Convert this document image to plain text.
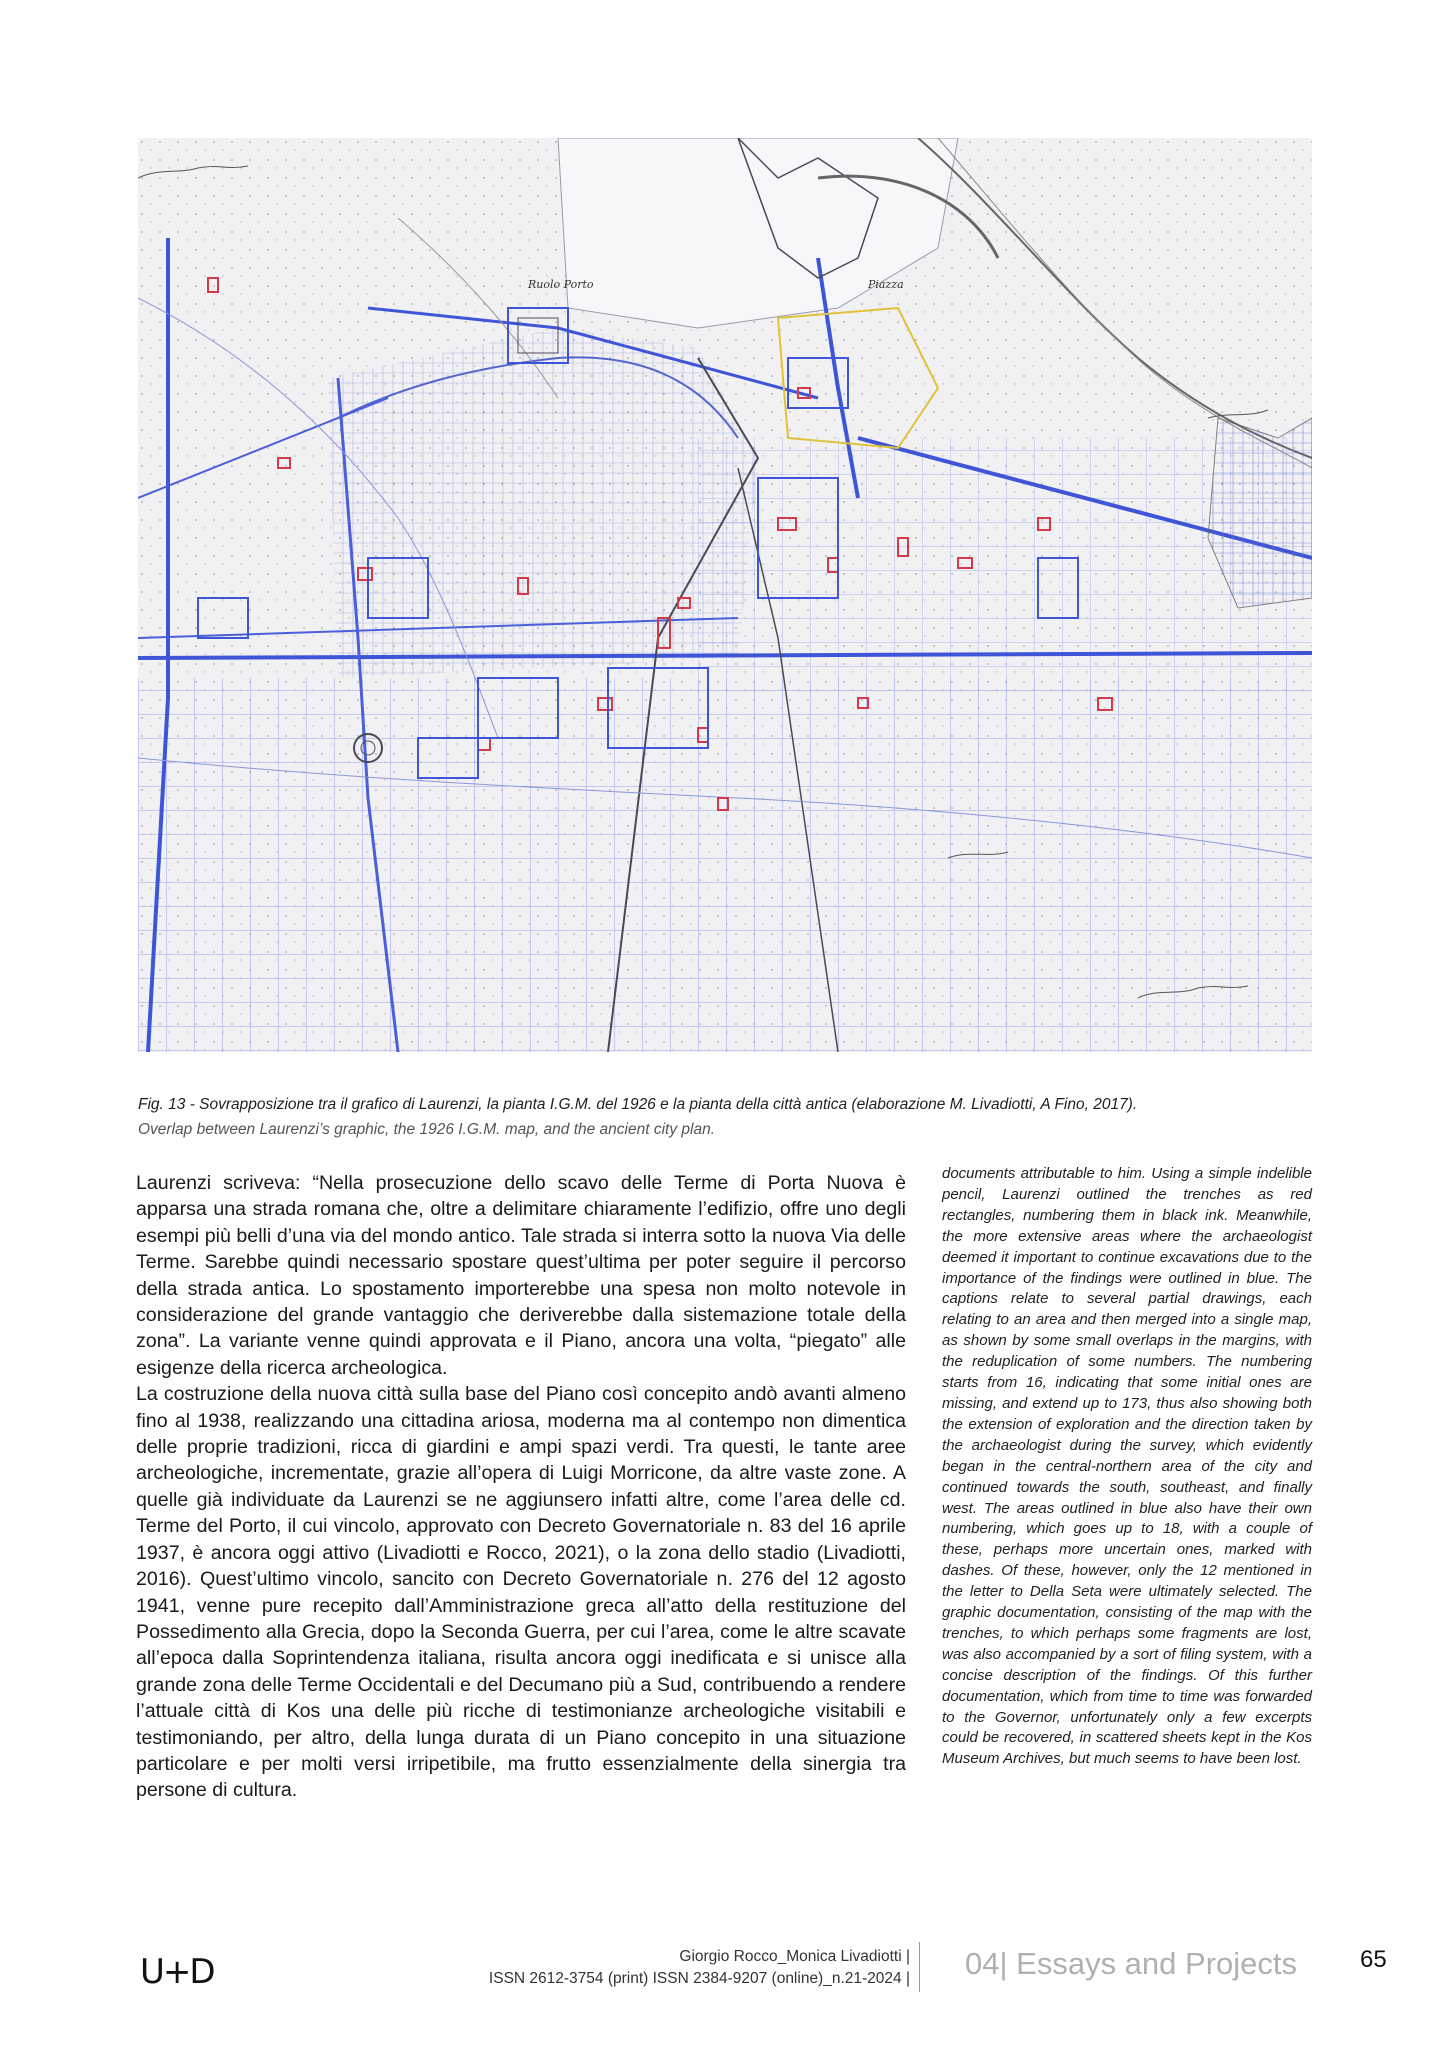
Ruolo Porto	Piazza
Fig. 13 - Sovrapposizione tra il grafico di Laurenzi, la pianta I.G.M. del 1926 e la pianta della città antica (elaborazione M. Livadiotti, A Fino, 2017).
Overlap between Laurenzi’s graphic, the 1926 I.G.M. map, and the ancient city plan.

Laurenzi scriveva: “Nella prosecuzione dello scavo delle Terme di Porta Nuova è apparsa una strada romana che, oltre a delimitare chiaramente l’edifizio, offre uno degli esempi più belli d’una via del mondo antico. Tale strada si interra sotto la nuova Via delle Terme. Sarebbe quindi necessario spostare quest’ultima per poter seguire il percorso della strada antica. Lo spostamento importerebbe una spesa non molto notevole in considerazione del grande vantaggio che deriverebbe dalla sistemazione totale della zona”. La variante venne quindi approvata e il Piano, ancora una volta, “piegato” alle esigenze della ricerca archeologica.

La costruzione della nuova città sulla base del Piano così concepito andò avanti almeno fino al 1938, realizzando una cittadina ariosa, moderna ma al contempo non dimentica delle proprie tradizioni, ricca di giardini e ampi spazi verdi. Tra questi, le tante aree archeologiche, incrementate, grazie all’opera di Luigi Morricone, da altre vaste zone. A quelle già individuate da Laurenzi se ne aggiunsero infatti altre, come l’area delle cd. Terme del Porto, il cui vincolo, approvato con Decreto Governatoriale n. 83 del 16 aprile 1937, è ancora oggi attivo (Livadiotti e Rocco, 2021), o la zona dello stadio (Livadiotti, 2016). Quest’ultimo vincolo, sancito con Decreto Governatoriale n. 276 del 12 agosto 1941, venne pure recepito dall’Amministrazione greca all’atto della restituzione del Possedimento alla Grecia, dopo la Seconda Guerra, per cui l’area, come le altre scavate all’epoca dalla Soprintendenza italiana, risulta ancora oggi inedificata e si unisce alla grande zona delle Terme Occidentali e del Decumano più a Sud, contribuendo a rendere l’attuale città di Kos una delle più ricche di testimonianze archeologiche visitabili e testimoniando, per altro, della lunga durata di un Piano concepito in una situazione particolare e per molti versi irripetibile, ma frutto essenzialmente della sinergia tra persone di cultura.

documents attributable to him. Using a simple indelible pencil, Laurenzi outlined the trenches as red rectangles, numbering them in black ink. Meanwhile, the more extensive areas where the archaeologist deemed it important to continue excavations due to the importance of the findings were outlined in blue. The captions relate to several partial drawings, each relating to an area and then merged into a single map, as shown by some small overlaps in the margins, with the reduplication of some numbers. The numbering starts from 16, indicating that some initial ones are missing, and extend up to 173, thus also showing both the extension of exploration and the direction taken by the archaeologist during the survey, which evidently began in the central-northern area of the city and continued towards the south, southeast, and finally west. The areas outlined in blue also have their own numbering, which goes up to 18, with a couple of these, perhaps more uncertain ones, marked with dashes. Of these, however, only the 12 mentioned in the letter to Della Seta were ultimately selected. The graphic documentation, consisting of the map with the trenches, to which perhaps some fragments are lost, was also accompanied by a sort of filing system, with a concise description of the findings. Of this further documentation, which from time to time was forwarded to the Governor, unfortunately only a few excerpts could be recovered, in scattered sheets kept in the Kos Museum Archives, but much seems to have been lost.
U+D	Giorgio Rocco_Monica Livadiotti |
ISSN 2612-3754 (print) ISSN 2384-9207 (online)_n.21-2024 | 04| Essays and Projects	65
